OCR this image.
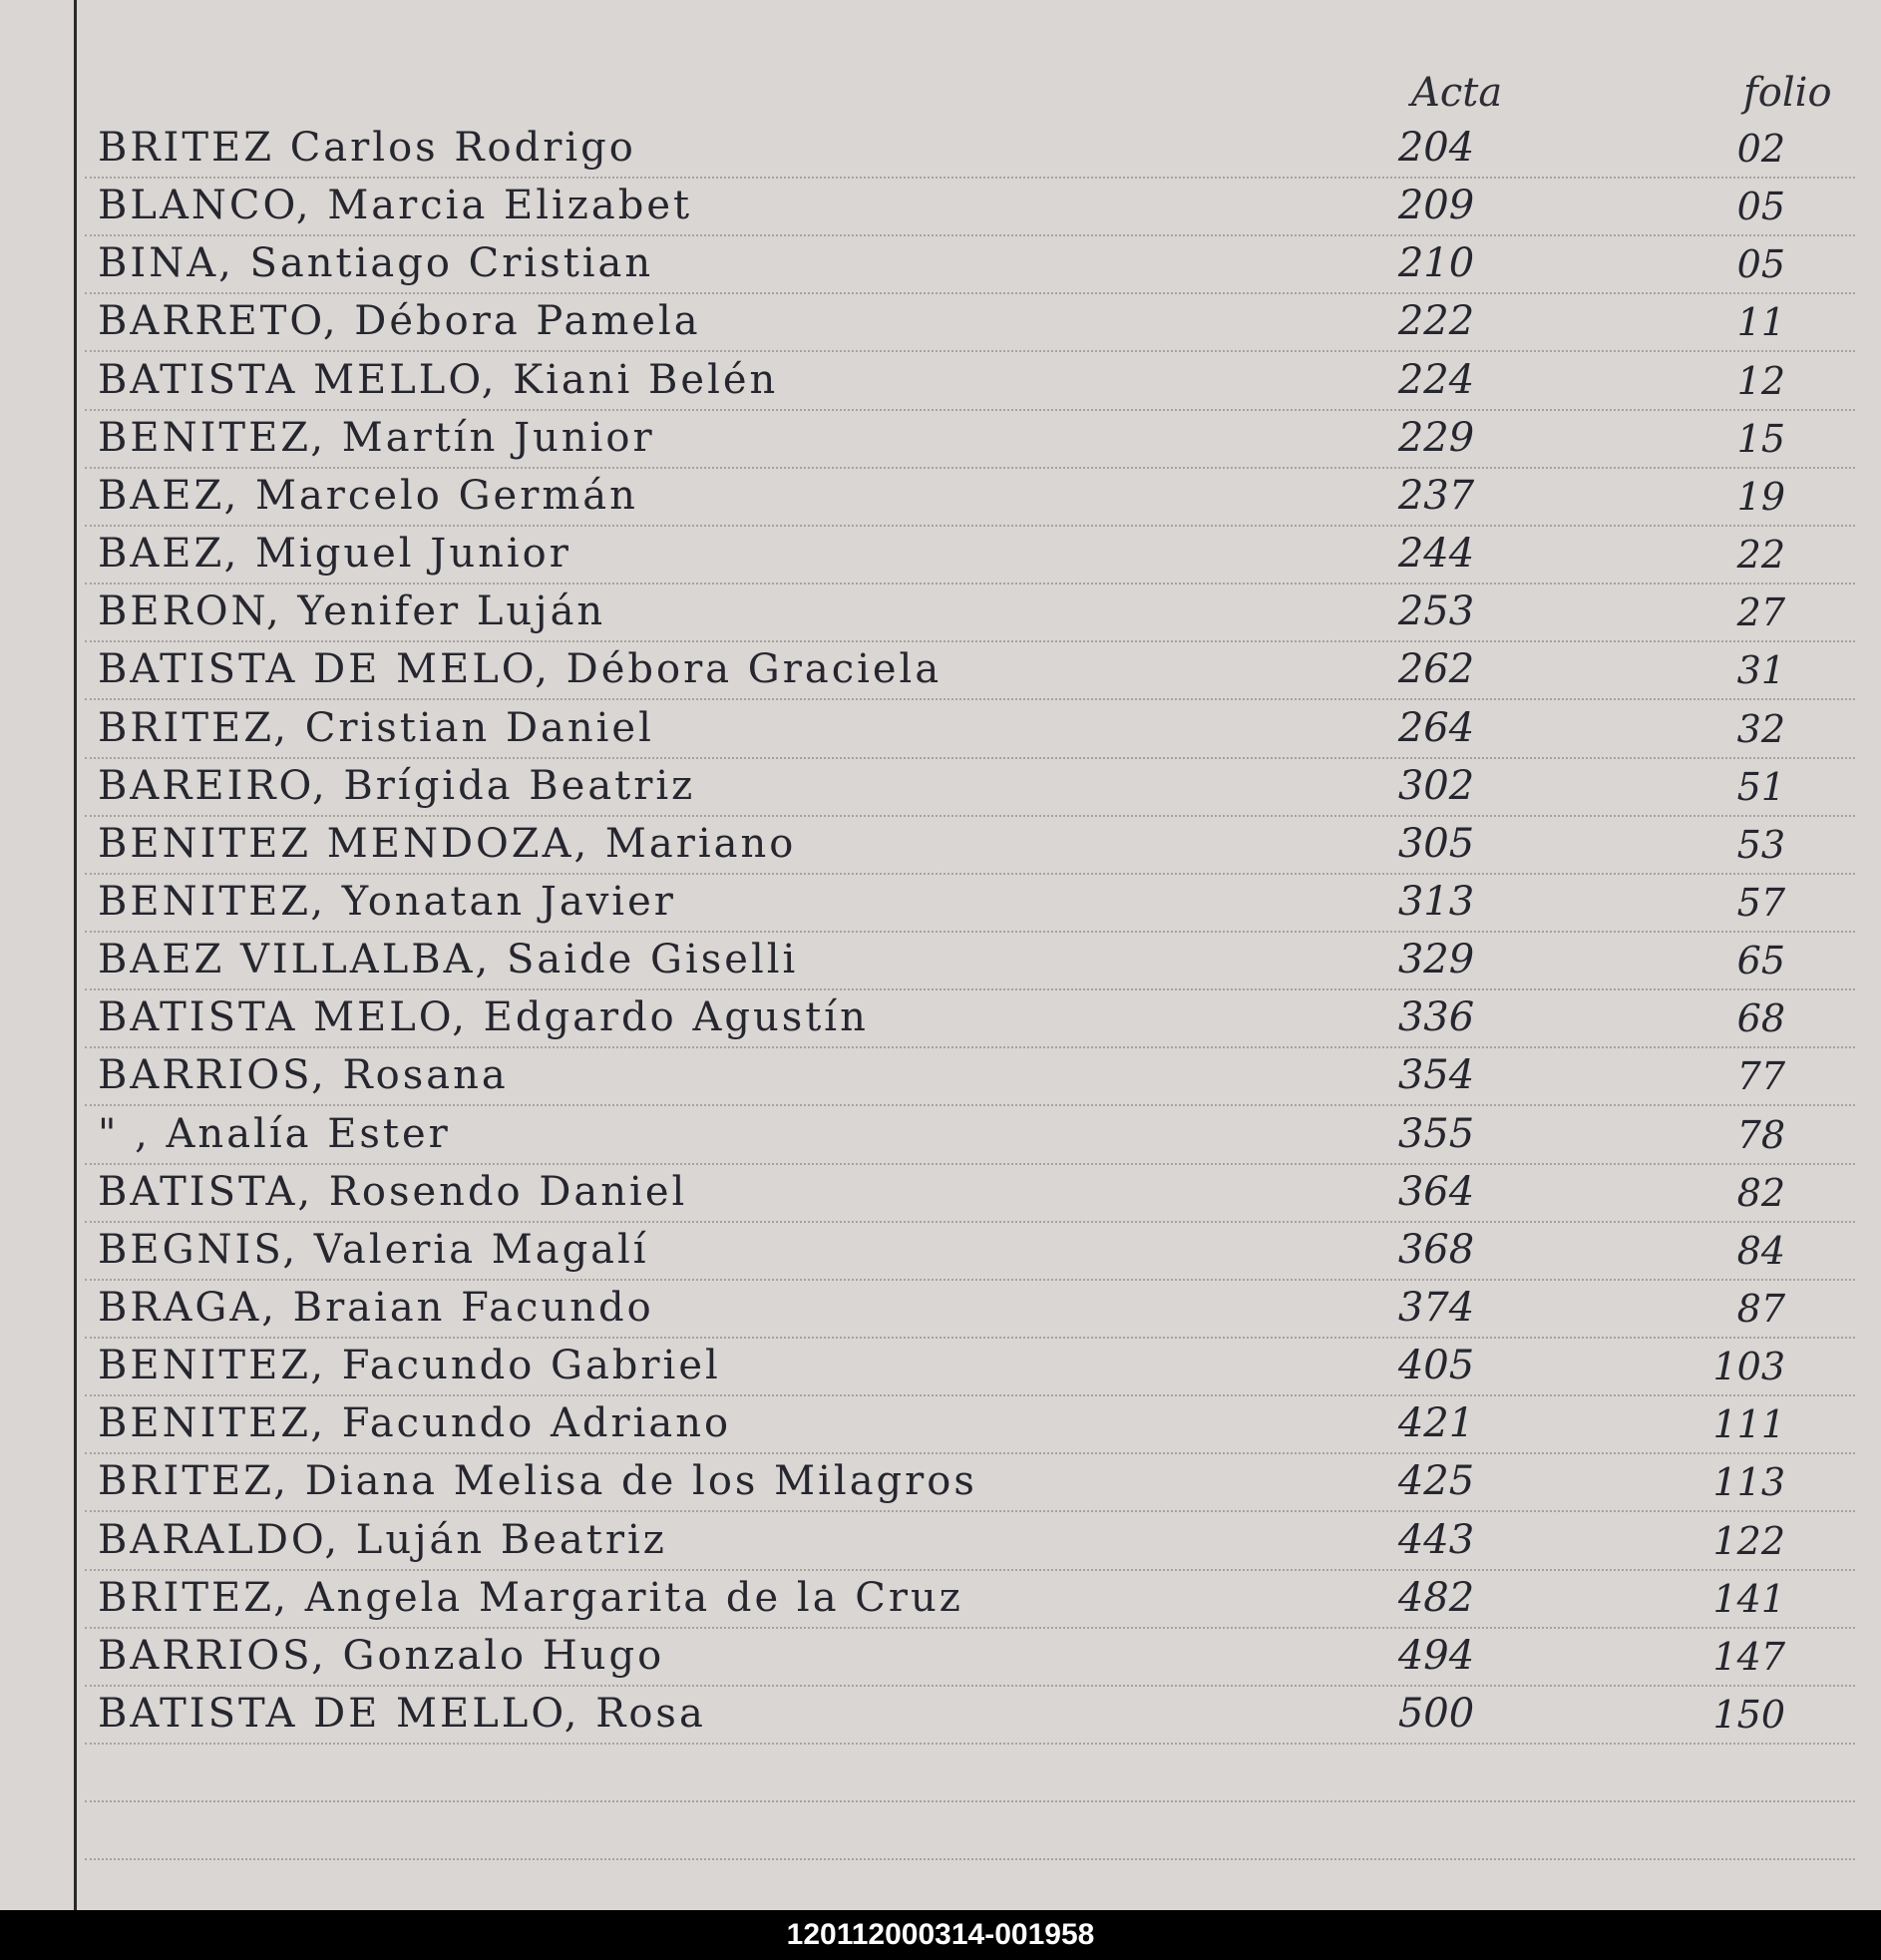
Acta	folio
BRITEZ Carlos Rodrigo	204	02
BLANCO, Marcia Elizabet	209	05
BINA, Santiago Cristian	210	05
BARRETO, Débora Pamela	222	11
BATISTA MELLO, Kiani Belén	224	12
BENITEZ, Martín Junior	229	15
BAEZ, Marcelo Germán	237	19
BAEZ, Miguel Junior	244	22
BERON, Yenifer Luján	253	27
BATISTA DE MELO, Débora Graciela	262	31
BRITEZ, Cristian Daniel	264	32
BAREIRO, Brígida Beatriz	302	51
BENITEZ MENDOZA, Mariano	305	53
BENITEZ, Yonatan Javier	313	57
BAEZ VILLALBA, Saide Giselli	329	65
BATISTA MELO, Edgardo Agustín	336	68
BARRIOS, Rosana	354	77
" , Analía Ester	355	78
BATISTA, Rosendo Daniel	364	82
BEGNIS, Valeria Magalí	368	84
BRAGA, Braian Facundo	374	87
BENITEZ, Facundo Gabriel	405	103
BENITEZ, Facundo Adriano	421	111
BRITEZ, Diana Melisa de los Milagros	425	113
BARALDO, Luján Beatriz	443	122
BRITEZ, Angela Margarita de la Cruz	482	141
BARRIOS, Gonzalo Hugo	494	147
BATISTA DE MELLO, Rosa	500	150
120112000314-001958
